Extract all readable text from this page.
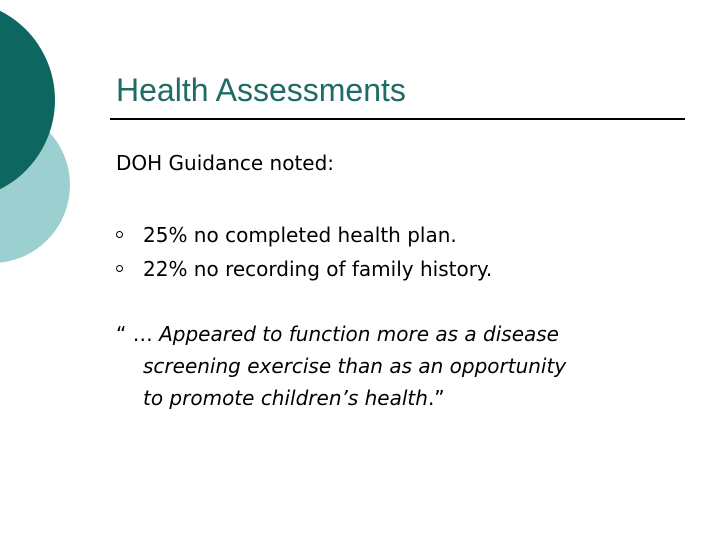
Health Assessments
DOH Guidance noted:
25% no completed health plan.
22% no recording of family history.
“ … Appeared to function more as a disease
screening exercise than as an opportunity
to promote children’s health.”
